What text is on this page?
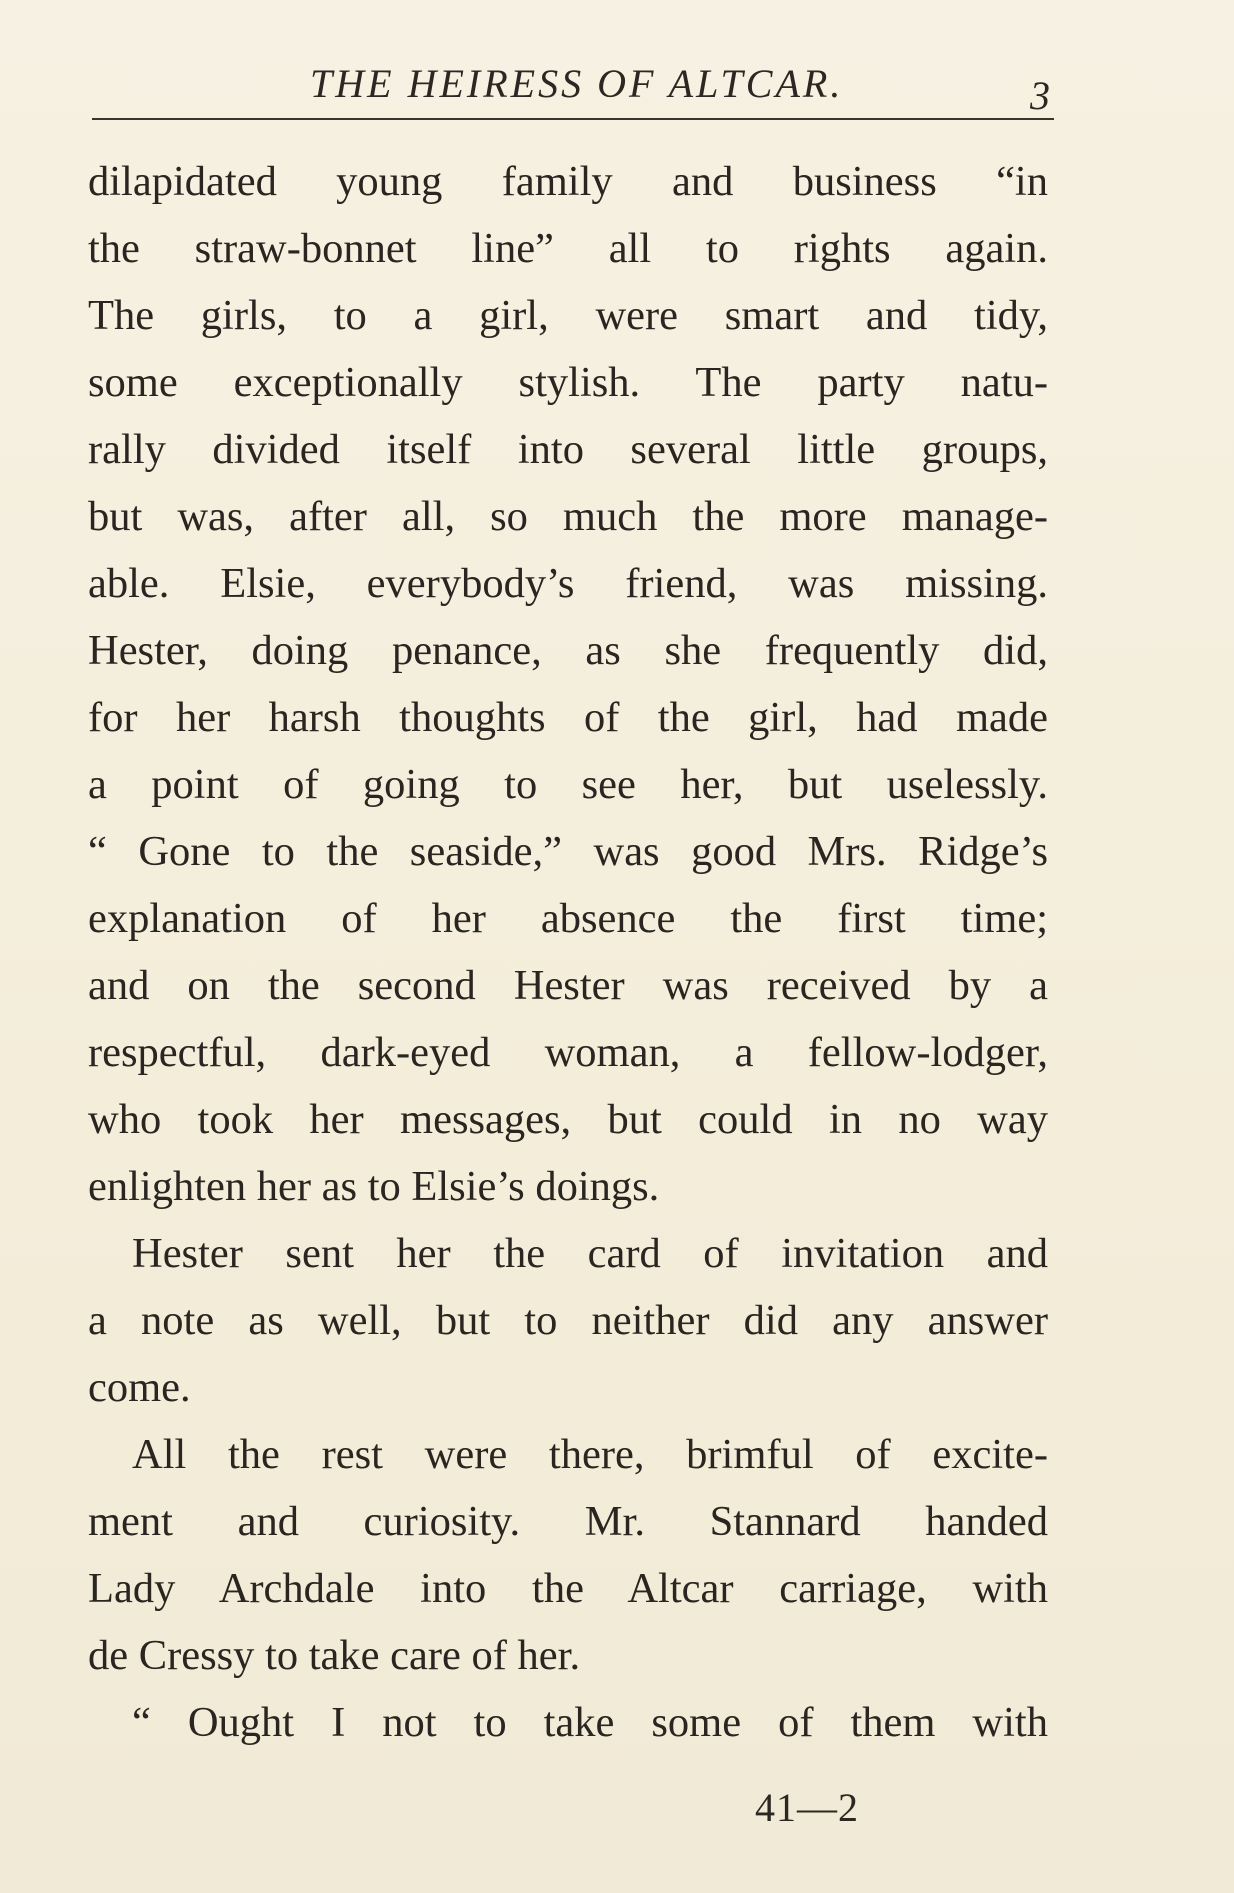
THE HEIRESS OF ALTCAR.	3
dilapidated young family and business “in
the straw-bonnet line” all to rights again.
The girls, to a girl, were smart and tidy,
some exceptionally stylish. The party natu-
rally divided itself into several little groups,
but was, after all, so much the more manage-
able. Elsie, everybody’s friend, was missing.
Hester, doing penance, as she frequently did,
for her harsh thoughts of the girl, had made
a point of going to see her, but uselessly.
“ Gone to the seaside,” was good Mrs. Ridge’s
explanation of her absence the first time;
and on the second Hester was received by a
respectful, dark-eyed woman, a fellow-lodger,
who took her messages, but could in no way
enlighten her as to Elsie’s doings.
Hester sent her the card of invitation and
a note as well, but to neither did any answer
come.
All the rest were there, brimful of excite-
ment and curiosity. Mr. Stannard handed
Lady Archdale into the Altcar carriage, with
de Cressy to take care of her.
“ Ought I not to take some of them with
41—2
